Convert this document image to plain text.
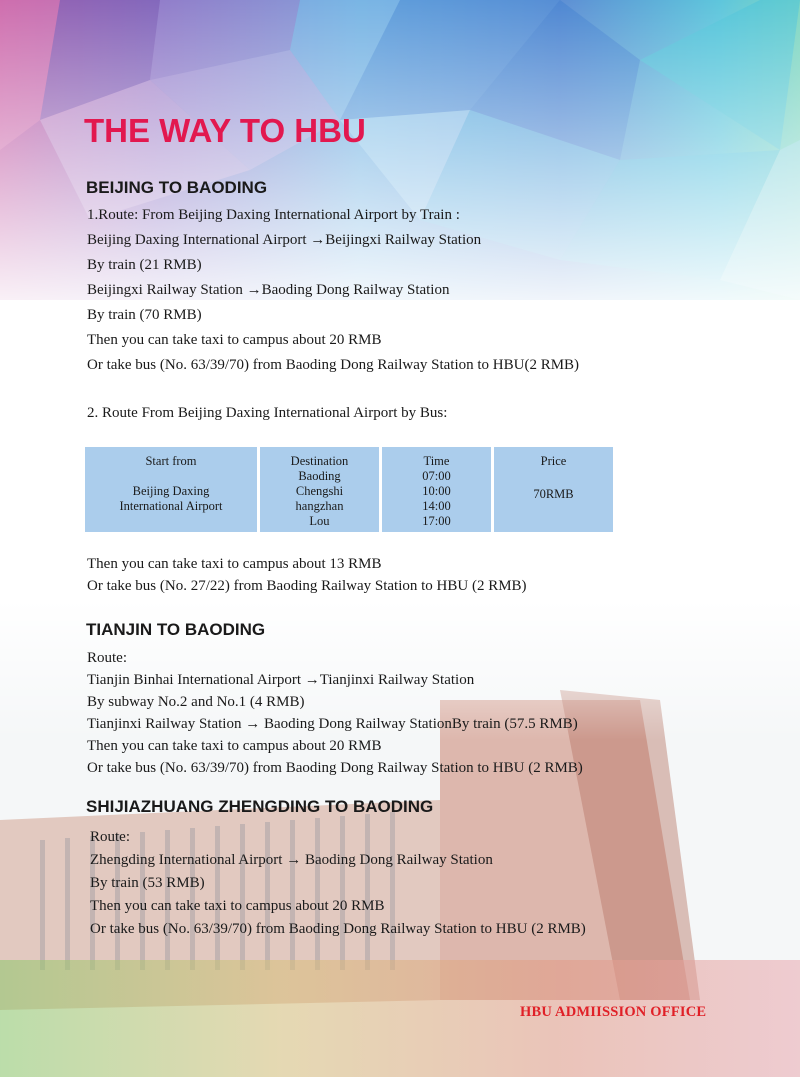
THE WAY TO HBU
BEIJING TO BAODING
1.Route: From Beijing Daxing International Airport by Train :
Beijing Daxing International Airport →Beijingxi Railway Station
By train (21 RMB)
Beijingxi Railway Station →Baoding Dong Railway Station
By train (70 RMB)
Then you can take taxi to campus about 20 RMB
Or take bus (No. 63/39/70) from Baoding Dong Railway Station to HBU(2 RMB)
2. Route From Beijing Daxing International Airport by Bus:
Start from
Beijing Daxing
International Airport
Destination
Baoding
Chengshi
hangzhan
Lou
Time
07:00
10:00
14:00
17:00
Price
70RMB
Then you can take taxi to campus about 13 RMB
Or take bus (No. 27/22) from Baoding Railway Station to HBU (2 RMB)
TIANJIN TO BAODING
Route:
Tianjin Binhai International Airport →Tianjinxi Railway Station
By subway No.2 and No.1 (4 RMB)
Tianjinxi Railway Station → Baoding Dong Railway StationBy train (57.5 RMB)
Then you can take taxi to campus about 20 RMB
Or take bus (No. 63/39/70) from Baoding Dong Railway Station to HBU (2 RMB)
SHIJIAZHUANG ZHENGDING TO BAODING
Route:
Zhengding International Airport → Baoding Dong Railway Station
By train (53 RMB)
Then you can take taxi to campus about 20 RMB
Or take bus (No. 63/39/70) from Baoding Dong Railway Station to HBU (2 RMB)
HBU ADMIISSION OFFICE
